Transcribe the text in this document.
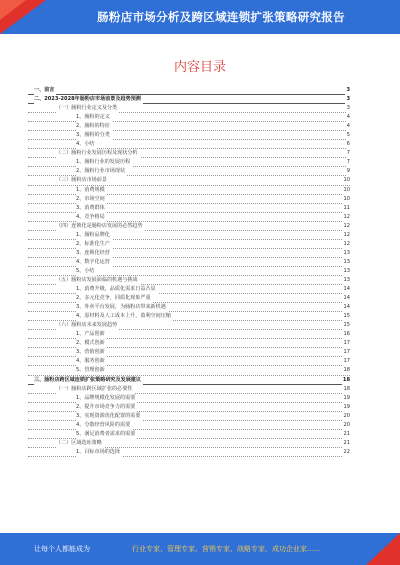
肠粉店市场分析及跨区域连锁扩张策略研究报告
内容目录
一、前言	3
二、2023-2028年肠粉店市场前景及趋势预测	3
（一）肠粉行业定义及分类	3
1、肠粉的定义	4
2、肠粉的特征	4
3、肠粉的分类	5
4、小结	6
（二）肠粉行业发展历程及现状分析	7
1、肠粉行业的发展历程	7
2、肠粉行业市场现状	9
（三）肠粉店市场前景	10
1、消费规模	10
2、市场空间	10
3、消费群体	11
4、竞争格局	12
（四）连锁化是肠粉店发展的必然趋势	12
1、肠粉品牌化	12
2、标准化生产	12
3、连锁化经营	13
4、数字化运营	13
5、小结	13
（五）肠粉店发展面临的机遇与挑战	13
1、消费升级，品质化需求日益凸显	14
2、多元化竞争，同质化现象严重	14
3、外卖平台发展，为肠粉店带来新机遇	14
4、原材料及人工成本上升，盈利空间压缩	15
（六）肠粉店未来发展趋势	15
1、产品创新	16
2、模式创新	17
3、营销创新	17
4、服务创新	17
5、管理创新	18
三、肠粉店跨区域连锁扩张策略研究及发展建议	18
（一）肠粉店跨区域扩张的必要性	18
1、品牌规模化发展的需要	19
2、提升市场竞争力的需要	19
3、实现资源优化配置的需要	20
4、分散经营风险的需要	20
5、满足消费者需求的需要	21
（二）区域选址策略	21
1、目标市场的选择	22
让每个人都能成为	行业专家、管理专家、营销专家、战略专家、成功企业家……
